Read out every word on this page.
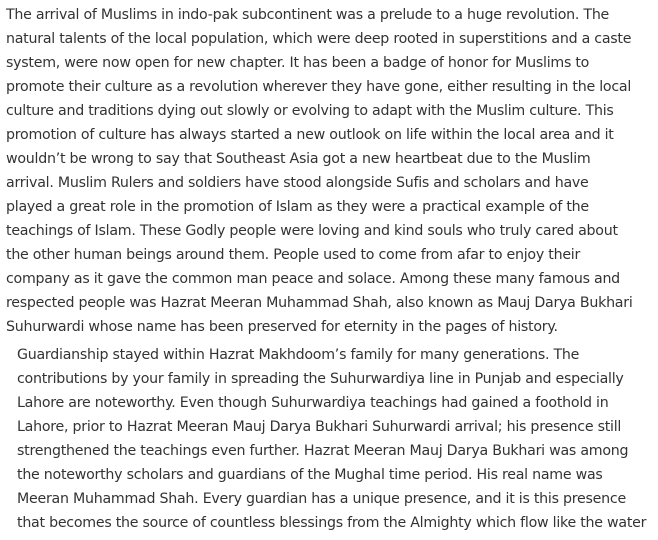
The arrival of Muslims in indo-pak subcontinent was a prelude to a huge revolution. The
natural talents of the local population, which were deep rooted in superstitions and a caste
system, were now open for new chapter. It has been a badge of honor for Muslims to
promote their culture as a revolution wherever they have gone, either resulting in the local
culture and traditions dying out slowly or evolving to adapt with the Muslim culture. This
promotion of culture has always started a new outlook on life within the local area and it
wouldn’t be wrong to say that Southeast Asia got a new heartbeat due to the Muslim
arrival. Muslim Rulers and soldiers have stood alongside Sufis and scholars and have
played a great role in the promotion of Islam as they were a practical example of the
teachings of Islam. These Godly people were loving and kind souls who truly cared about
the other human beings around them. People used to come from afar to enjoy their
company as it gave the common man peace and solace. Among these many famous and
respected people was Hazrat Meeran Muhammad Shah, also known as Mauj Darya Bukhari
Suhurwardi whose name has been preserved for eternity in the pages of history.
Guardianship stayed within Hazrat Makhdoom’s family for many generations. The
contributions by your family in spreading the Suhurwardiya line in Punjab and especially
Lahore are noteworthy. Even though Suhurwardiya teachings had gained a foothold in
Lahore, prior to Hazrat Meeran Mauj Darya Bukhari Suhurwardi arrival; his presence still
strengthened the teachings even further. Hazrat Meeran Mauj Darya Bukhari was among
the noteworthy scholars and guardians of the Mughal time period. His real name was
Meeran Muhammad Shah. Every guardian has a unique presence, and it is this presence
that becomes the source of countless blessings from the Almighty which flow like the water
